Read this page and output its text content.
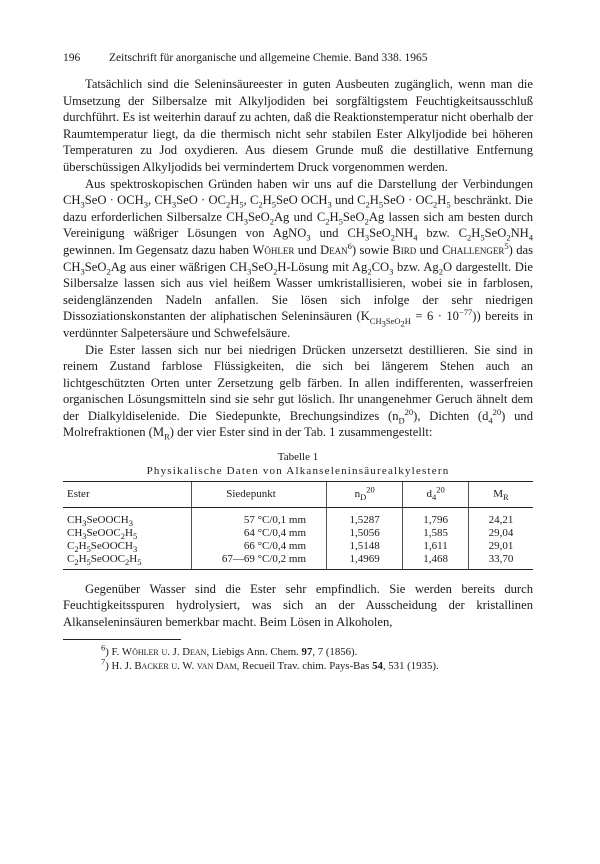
196	Zeitschrift für anorganische und allgemeine Chemie. Band 338. 1965

Tatsächlich sind die Seleninsäureester in guten Ausbeuten zugänglich, wenn man die Umsetzung der Silbersalze mit Alkyljodiden bei sorgfältigstem Feuchtigkeitsausschluß durchführt. Es ist weiterhin darauf zu achten, daß die Reaktionstemperatur nicht oberhalb der Raumtemperatur liegt, da die thermisch nicht sehr stabilen Ester Alkyljodide bei höheren Temperaturen zu Jod oxydieren. Aus diesem Grunde muß die destillative Entfernung überschüssigen Alkyljodids bei vermindertem Druck vorgenommen werden.

Aus spektroskopischen Gründen haben wir uns auf die Darstellung der Verbindungen $CH_3SeO \cdot OCH_3$, $CH_3SeO \cdot OC_2H_5$, $C_2H_5SeO$ $OCH_3$ und $C_2H_5SeO \cdot OC_2H_5$ beschränkt. Die dazu erforderlichen Silbersalze $CH_3SeO_2Ag$ und $C_2H_5SeO_2Ag$ lassen sich am besten durch Vereinigung wäßriger Lösungen von AgNO$_3$ und $CH_3SeO_2NH_4$ bzw. $C_2H_5SeO_2NH_4$ gewinnen. Im Gegensatz dazu haben Wöhler und Dean$^6$) sowie Bird und Challenger$^5$) das $CH_3SeO_2Ag$ aus einer wäßrigen $CH_3SeO_2H$-Lösung mit $Ag_2CO_3$ bzw. $Ag_2O$ dargestellt. Die Silbersalze lassen sich aus viel heißem Wasser umkristallisieren, wobei sie in farblosen, seidenglänzenden Nadeln anfallen. Sie lösen sich infolge der sehr niedrigen Dissoziationskonstanten der aliphatischen Seleninsäuren $(K_{CH_3SeO_2H} = 6 \cdot 10^{-77})$) bereits in verdünnter Salpetersäure und Schwefelsäure.

Die Ester lassen sich nur bei niedrigen Drücken unzersetzt destillieren. Sie sind in reinem Zustand farblose Flüssigkeiten, die sich bei längerem Stehen auch an lichtgeschützten Orten unter Zersetzung gelb färben. In allen indifferenten, wasserfreien organischen Lösungsmitteln sind sie sehr gut löslich. Ihr unangenehmer Geruch ähnelt dem der Dialkyldiselenide. Die Siedepunkte, Brechungsindizes $(n_D^{20})$, Dichten $(d_4^{20})$ und Molrefraktionen $(M_R)$ der vier Ester sind in der Tab. 1 zusammengestellt:

Tabelle 1
Physikalische Daten von Alkanseleninsäurealkylestern
Ester	Siedepunkt	$n_D^{20}$	$d_4^{20}$	$M_R$
$CH_3SeOOCH_3$	57 °C/0,1 mm	1,5287	1,796	24,21
$CH_3SeOOC_2H_5$	64 °C/0,4 mm	1,5056	1,585	29,04
$C_2H_5SeOOCH_3$	66 °C/0,4 mm	1,5148	1,611	29,01
$C_2H_5SeOOC_2H_5$	67—69 °C/0,2 mm	1,4969	1,468	33,70

Gegenüber Wasser sind die Ester sehr empfindlich. Sie werden bereits durch Feuchtigkeitsspuren hydrolysiert, was sich an der Ausscheidung der kristallinen Alkanseleninsäuren bemerkbar macht. Beim Lösen in Alkoholen,

$^6$) F. Wöhler u. J. Dean, Liebigs Ann. Chem. 97, 7 (1856).

$^7$) H. J. Backer u. W. van Dam, Recueil Trav. chim. Pays-Bas 54, 531 (1935).
